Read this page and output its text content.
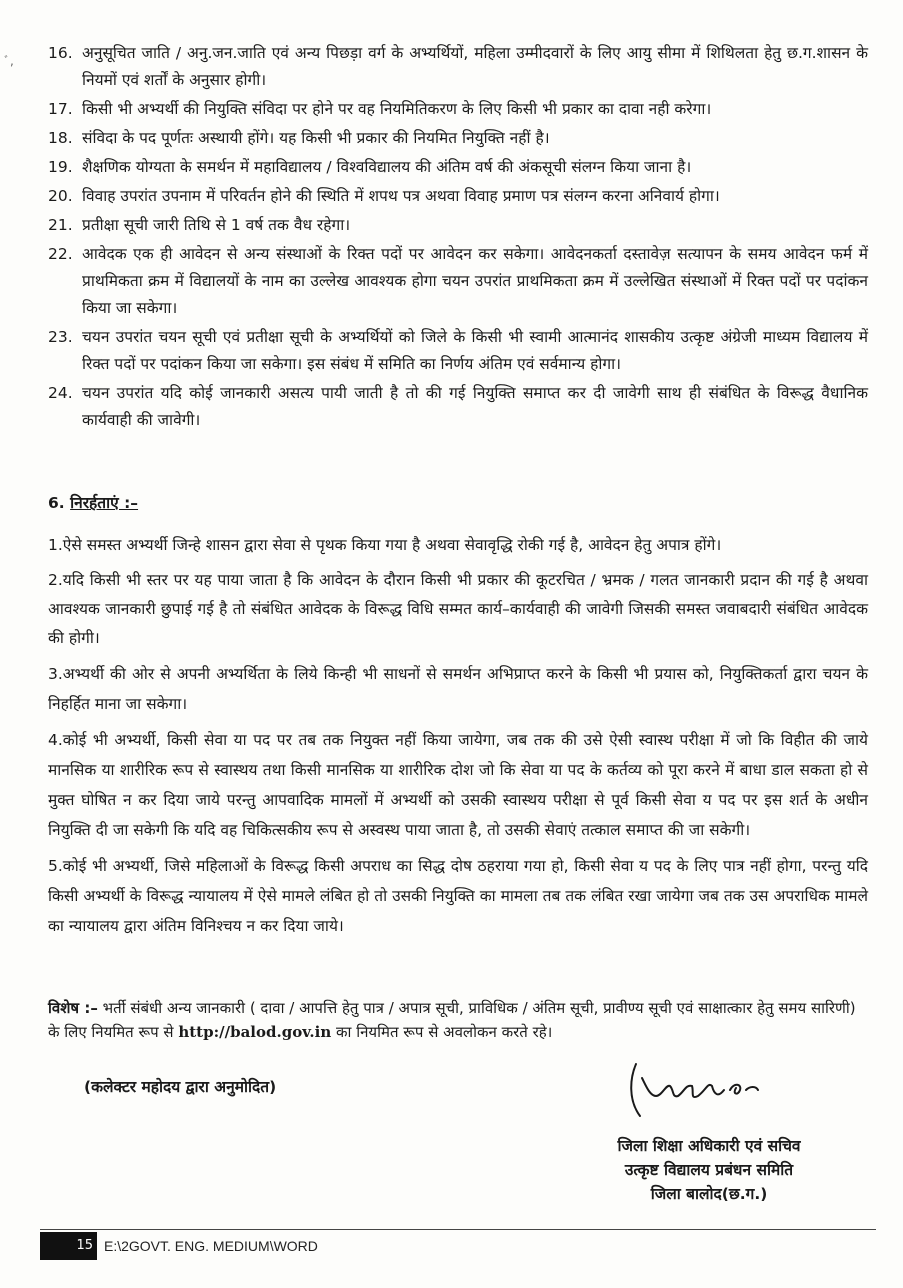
ﾞ, 16. अनुसूचित जाति / अनु.जन.जाति एवं अन्य पिछड़ा वर्ग के अभ्यर्थियों, महिला उम्मीदवारों के लिए आयु सीमा में शिथिलता हेतु छ.ग.शासन के नियमों एवं शर्तों के अनुसार होगी।
17. किसी भी अभ्यर्थी की नियुक्ति संविदा पर होने पर वह नियमितिकरण के लिए किसी भी प्रकार का दावा नही करेगा।
18. संविदा के पद पूर्णतः अस्थायी होंगे। यह किसी भी प्रकार की नियमित नियुक्ति नहीं है।
19. शैक्षणिक योग्यता के समर्थन में महाविद्यालय / विश्वविद्यालय की अंतिम वर्ष की अंकसूची संलग्न किया जाना है।
20. विवाह उपरांत उपनाम में परिवर्तन होने की स्थिति में शपथ पत्र अथवा विवाह प्रमाण पत्र संलग्न करना अनिवार्य होगा।
21. प्रतीक्षा सूची जारी तिथि से 1 वर्ष तक वैध रहेगा।
22. आवेदक एक ही आवेदन से अन्य संस्थाओं के रिक्त पदों पर आवेदन कर सकेगा। आवेदनकर्ता दस्तावेज़ सत्यापन के समय आवेदन फर्म में प्राथमिकता क्रम में विद्यालयों के नाम का उल्लेख आवश्यक होगा चयन उपरांत प्राथमिकता क्रम में उल्लेखित संस्थाओं में रिक्त पदों पर पदांकन किया जा सकेगा।
23. चयन उपरांत चयन सूची एवं प्रतीक्षा सूची के अभ्यर्थियों को जिले के किसी भी स्वामी आत्मानंद शासकीय उत्कृष्ट अंग्रेजी माध्यम विद्यालय में रिक्त पदों पर पदांकन किया जा सकेगा। इस संबंध में समिति का निर्णय अंतिम एवं सर्वमान्य होगा।
24. चयन उपरांत यदि कोई जानकारी असत्य पायी जाती है तो की गई नियुक्ति समाप्त कर दी जावेगी साथ ही संबंधित के विरूद्ध वैधानिक कार्यवाही की जावेगी।
6. निरर्हताएं :–
1.ऐसे समस्त अभ्यर्थी जिन्हे शासन द्वारा सेवा से पृथक किया गया है अथवा सेवावृद्धि रोकी गई है, आवेदन हेतु अपात्र होंगे।
2.यदि किसी भी स्तर पर यह पाया जाता है कि आवेदन के दौरान किसी भी प्रकार की कूटरचित / भ्रमक / गलत जानकारी प्रदान की गई है अथवा आवश्यक जानकारी छुपाई गई है तो संबंधित आवेदक के विरूद्ध विधि सम्मत कार्य–कार्यवाही की जावेगी जिसकी समस्त जवाबदारी संबंधित आवेदक की होगी।
3.अभ्यर्थी की ओर से अपनी अभ्यर्थिता के लिये किन्ही भी साधनों से समर्थन अभिप्राप्त करने के किसी भी प्रयास को, नियुक्तिकर्ता द्वारा चयन के निहर्हित माना जा सकेगा।
4.कोई भी अभ्यर्थी, किसी सेवा या पद पर तब तक नियुक्त नहीं किया जायेगा, जब तक की उसे ऐसी स्वास्थ परीक्षा में जो कि विहीत की जाये मानसिक या शारीरिक रूप से स्वास्थय तथा किसी मानसिक या शारीरिक दोश जो कि सेवा या पद के कर्तव्य को पूरा करने में बाधा डाल सकता हो से मुक्त घोषित न कर दिया जाये परन्तु आपवादिक मामलों में अभ्यर्थी को उसकी स्वास्थय परीक्षा से पूर्व किसी सेवा य पद पर इस शर्त के अधीन नियुक्ति दी जा सकेगी कि यदि वह चिकित्सकीय रूप से अस्वस्थ पाया जाता है, तो उसकी सेवाएं तत्काल समाप्त की जा सकेगी।
5.कोई भी अभ्यर्थी, जिसे महिलाओं के विरूद्ध किसी अपराध का सिद्ध दोष ठहराया गया हो, किसी सेवा य पद के लिए पात्र नहीं होगा, परन्तु यदि किसी अभ्यर्थी के विरूद्ध न्यायालय में ऐसे मामले लंबित हो तो उसकी नियुक्ति का मामला तब तक लंबित रखा जायेगा जब तक उस अपराधिक मामले का न्यायालय द्वारा अंतिम विनिश्चय न कर दिया जाये।
विशेष :– भर्ती संबंधी अन्य जानकारी ( दावा / आपत्ति हेतु पात्र / अपात्र सूची, प्राविधिक / अंतिम सूची, प्रावीण्य सूची एवं साक्षात्कार हेतु समय सारिणी) के लिए नियमित रूप से http://balod.gov.in का नियमित रूप से अवलोकन करते रहे।
(कलेक्टर महोदय द्वारा अनुमोदित)
जिला शिक्षा अधिकारी एवं सचिव
उत्कृष्ट विद्यालय प्रबंधन समिति
जिला बालोद(छ.ग.)
15 E:\2GOVT. ENG. MEDIUM\WORD
